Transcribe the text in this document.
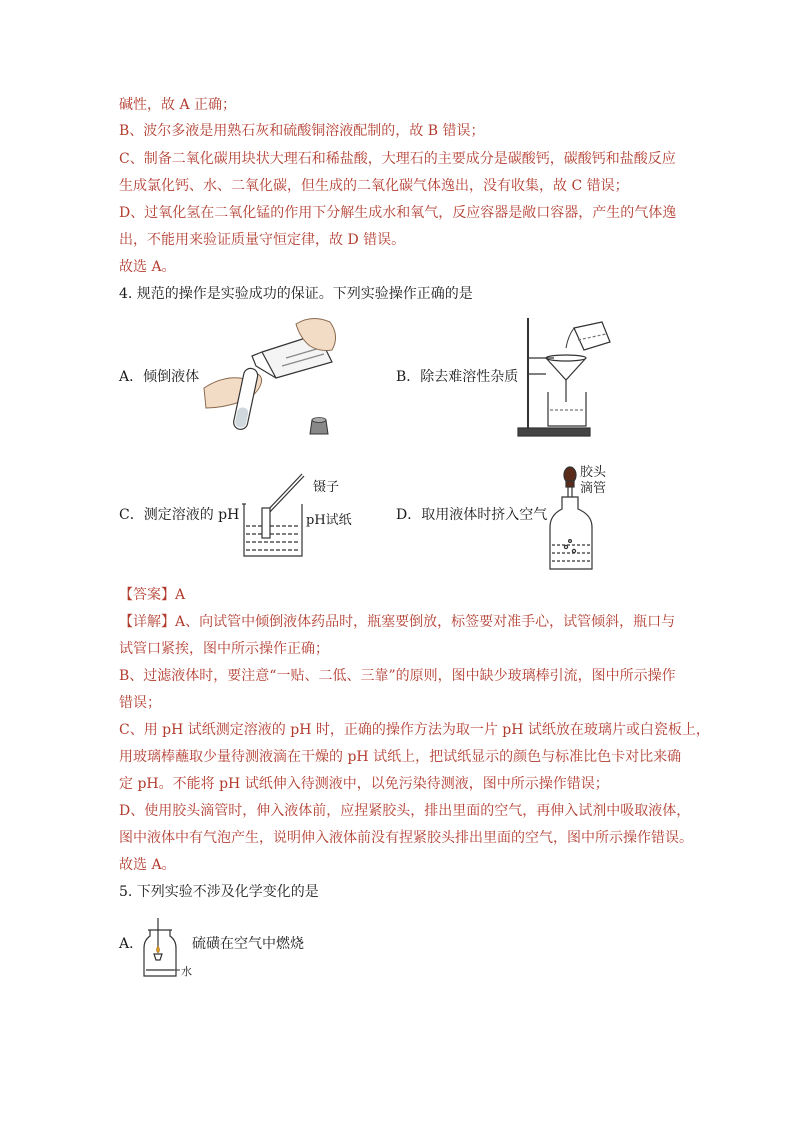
碱性，故 A 正确；
B、波尔多液是用熟石灰和硫酸铜溶液配制的，故 B 错误；
C、制备二氧化碳用块状大理石和稀盐酸，大理石的主要成分是碳酸钙，碳酸钙和盐酸反应
生成氯化钙、水、二氧化碳，但生成的二氧化碳气体逸出，没有收集，故 C 错误；
D、过氧化氢在二氧化锰的作用下分解生成水和氧气，反应容器是敞口容器，产生的气体逸
出，不能用来验证质量守恒定律，故 D 错误。
故选 A。
4. 规范的操作是实验成功的保证。下列实验操作正确的是
A．倾倒液体	B．除去难溶性杂质
C．测定溶液的 pH
镊子
pH试纸	D．取用液体时挤入空气
胶头
滴管
【答案】A
【详解】A、向试管中倾倒液体药品时，瓶塞要倒放，标签要对准手心，试管倾斜，瓶口与
试管口紧挨，图中所示操作正确；
B、过滤液体时，要注意“一贴、二低、三靠”的原则，图中缺少玻璃棒引流，图中所示操作
错误；
C、用 pH 试纸测定溶液的 pH 时，正确的操作方法为取一片 pH 试纸放在玻璃片或白瓷板上，
用玻璃棒蘸取少量待测液滴在干燥的 pH 试纸上，把试纸显示的颜色与标准比色卡对比来确
定 pH。不能将 pH 试纸伸入待测液中，以免污染待测液，图中所示操作错误；
D、使用胶头滴管时，伸入液体前，应捏紧胶头，排出里面的空气，再伸入试剂中吸取液体，
图中液体中有气泡产生，说明伸入液体前没有捏紧胶头排出里面的空气，图中所示操作错误。
故选 A。
5. 下列实验不涉及化学变化的是
A．
水
硫磺在空气中燃烧
